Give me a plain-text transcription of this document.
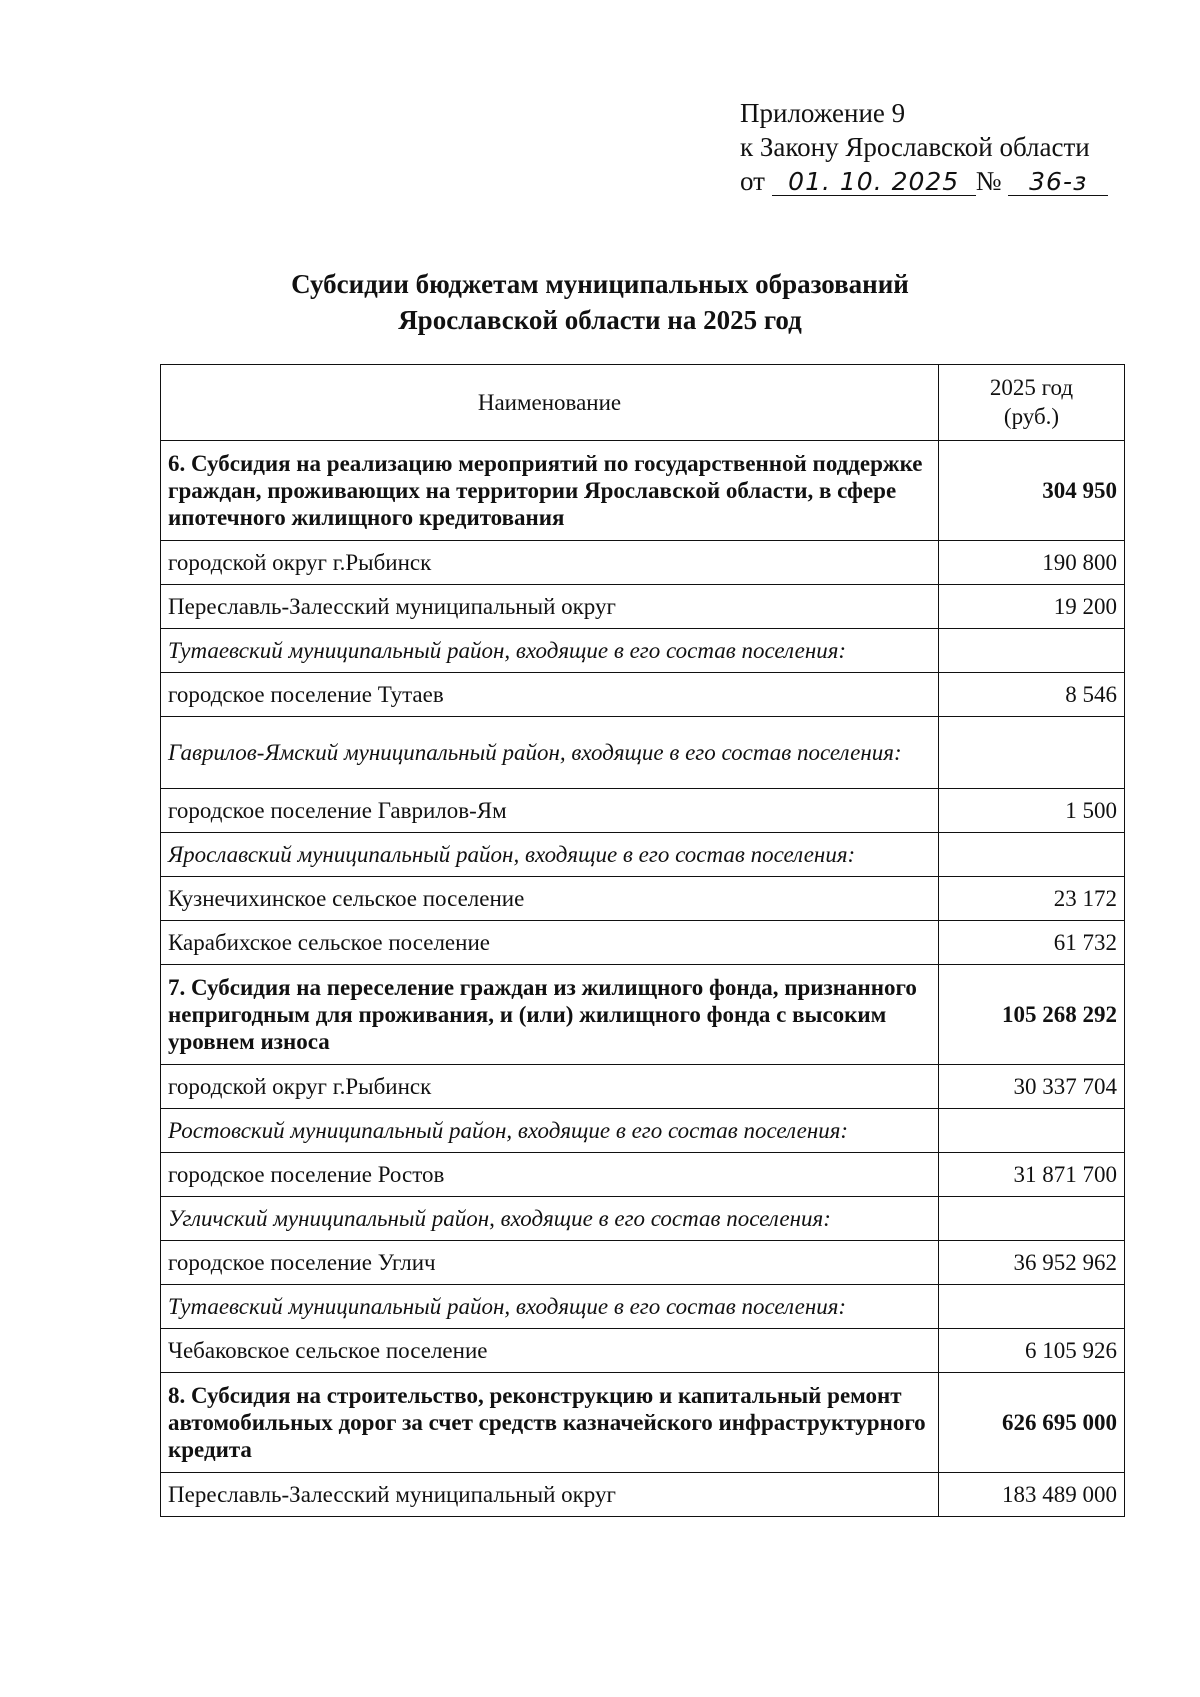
Приложение 9
к Закону Ярославской области
от 01. 10. 2025 № 36-з
Субсидии бюджетам муниципальных образований
Ярославской области на 2025 год
Наименование	2025 год
(руб.)

6. Субсидия на реализацию мероприятий по государственной поддержке граждан, проживающих на территории Ярославской области, в сфере ипотечного жилищного кредитования	304 950
городской округ г.Рыбинск	190 800
Переславль-Залесский муниципальный округ	19 200
Тутаевский муниципальный район, входящие в его состав поселения:	
городское поселение Тутаев	8 546
Гаврилов-Ямский муниципальный район, входящие в его состав поселения:	
городское поселение Гаврилов-Ям	1 500
Ярославский муниципальный район, входящие в его состав поселения:	
Кузнечихинское сельское поселение	23 172
Карабихское сельское поселение	61 732
7. Субсидия на переселение граждан из жилищного фонда, признанного непригодным для проживания, и (или) жилищного фонда с высоким уровнем износа	105 268 292
городской округ г.Рыбинск	30 337 704
Ростовский муниципальный район, входящие в его состав поселения:	
городское поселение Ростов	31 871 700
Угличский муниципальный район, входящие в его состав поселения:	
городское поселение Углич	36 952 962
Тутаевский муниципальный район, входящие в его состав поселения:	
Чебаковское сельское поселение	6 105 926
8. Субсидия на строительство, реконструкцию и капитальный ремонт автомобильных дорог за счет средств казначейского инфраструктурного кредита	626 695 000
Переславль-Залесский муниципальный округ	183 489 000
